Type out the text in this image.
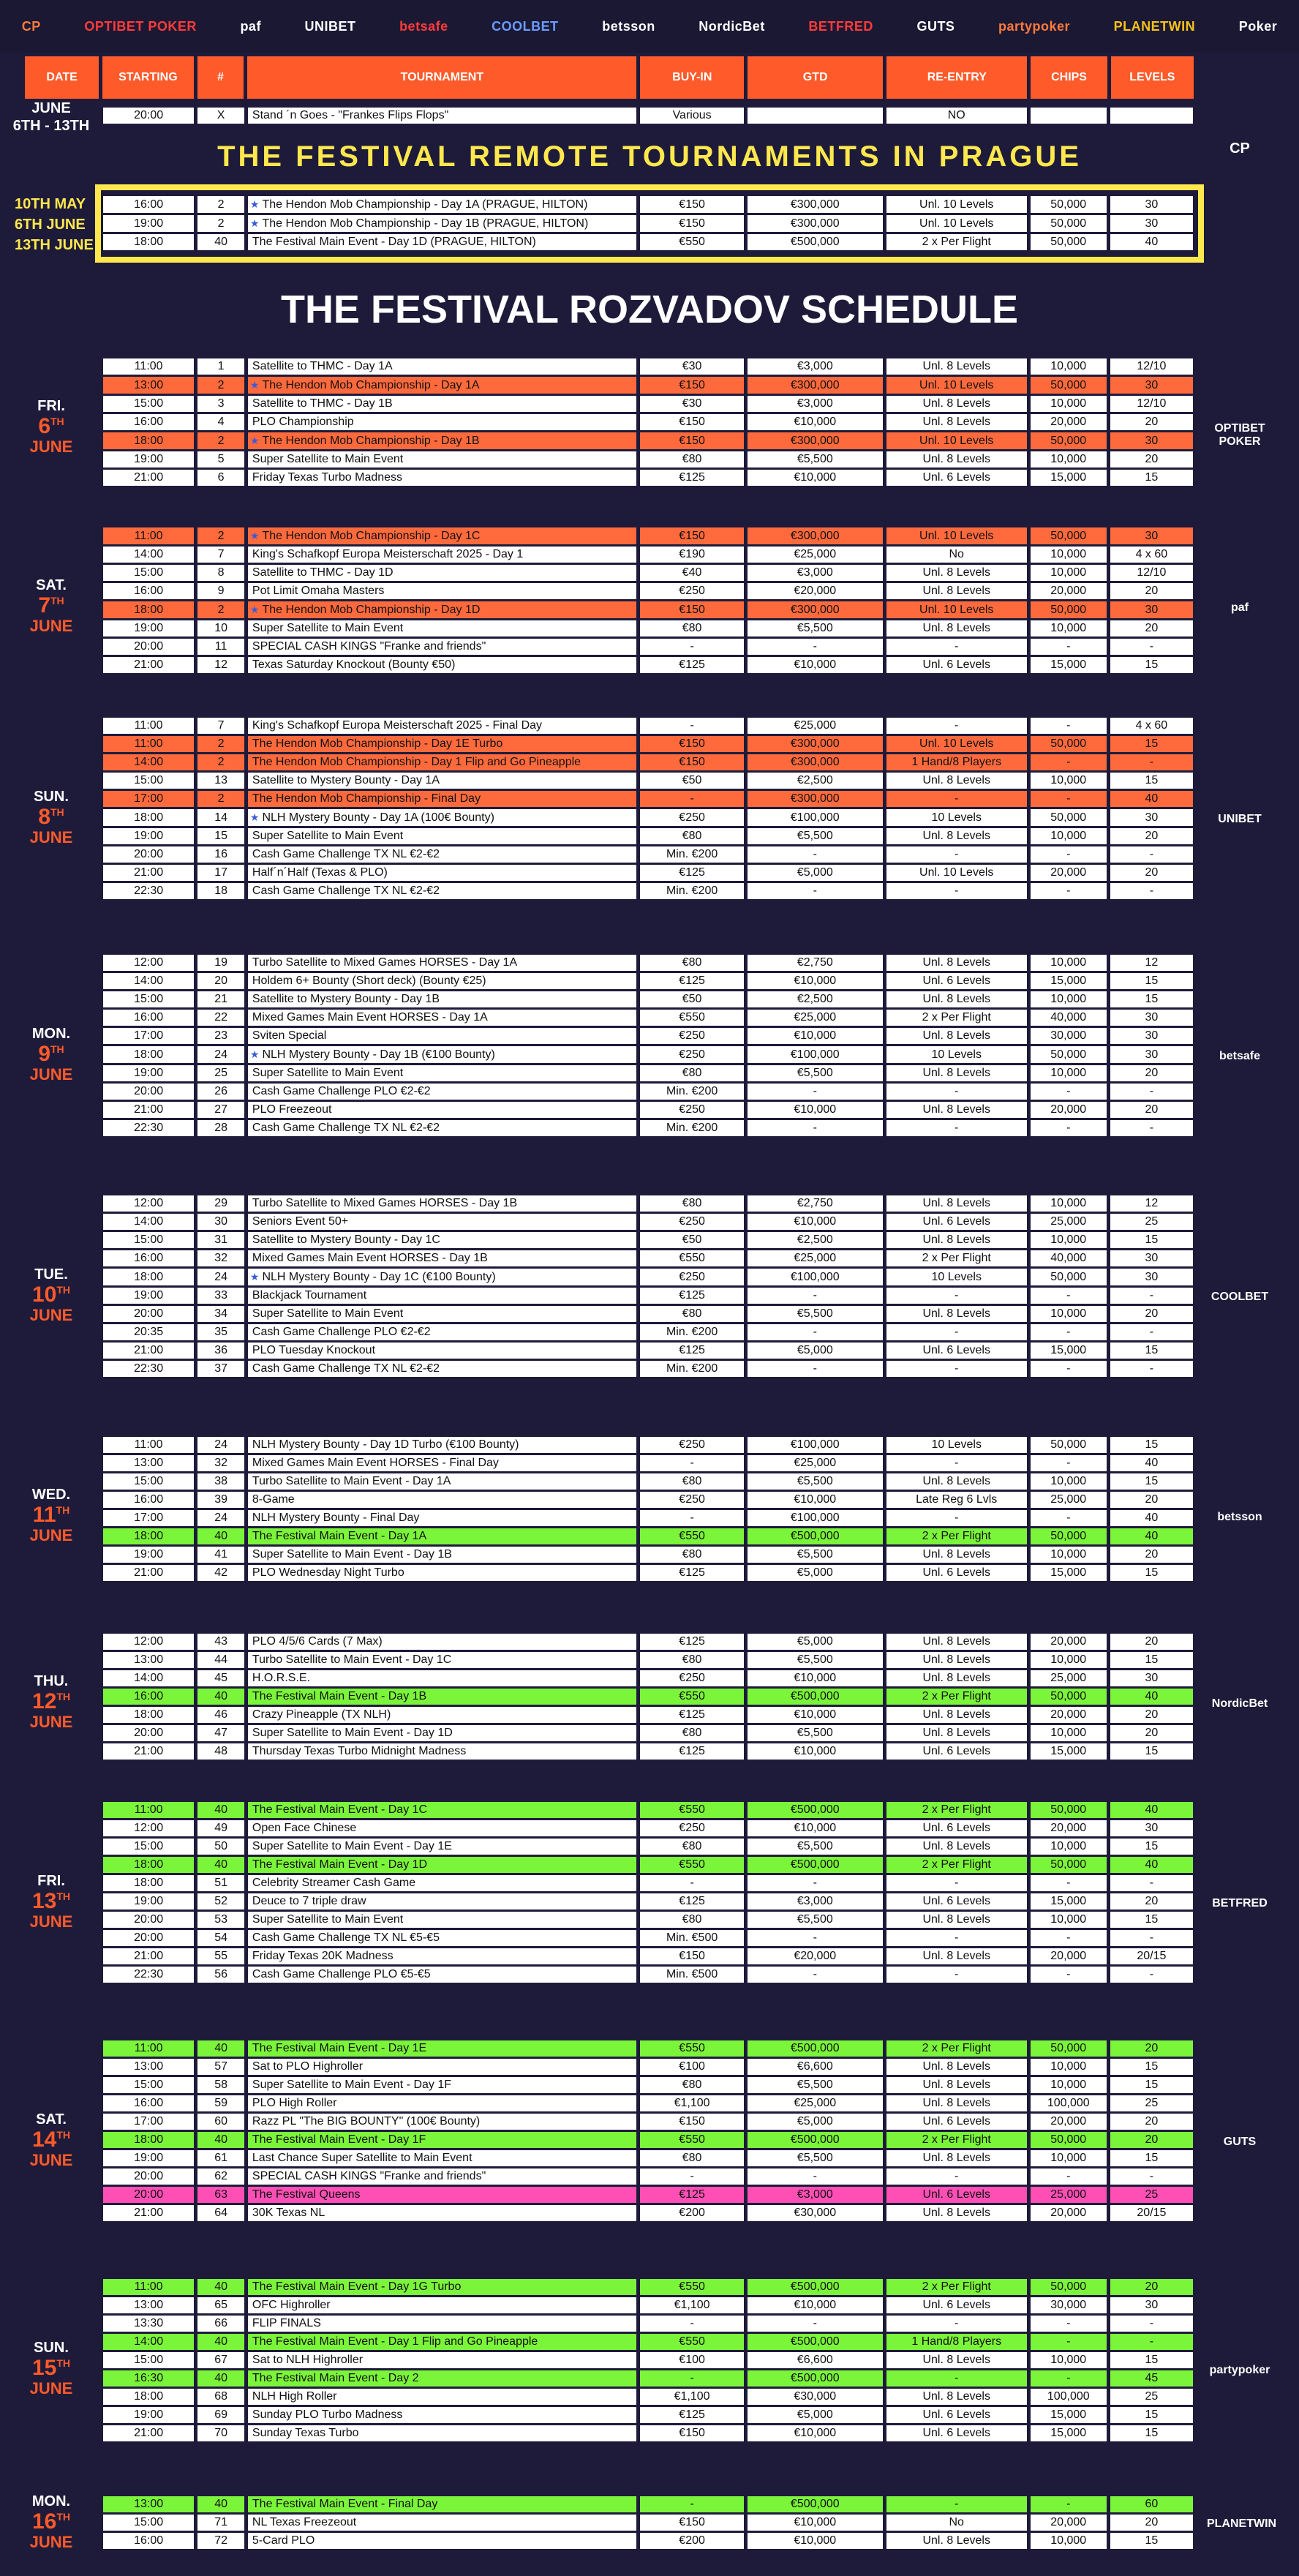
CP	OPTIBET POKER	paf	UNIBET	betsafe	COOLBET	betsson	NordicBet	BETFRED	GUTS	partypoker	PLANETWIN	Poker
DATE	STARTING	#	TOURNAMENT	BUY-IN	GTD	RE-ENTRY	CHIPS	LEVELS
JUNE
6TH - 13TH
THE FESTIVAL REMOTE TOURNAMENTS IN PRAGUE	CP
10TH MAY
6TH JUNE
13TH JUNE
THE FESTIVAL ROZVADOV SCHEDULE
20:00	X	Stand ´n Goes - "Frankes Flips Flops"	Various		NO		
16:00	2	★ The Hendon Mob Championship - Day 1A (PRAGUE, HILTON)	€150	€300,000	Unl. 10 Levels	50,000	30
19:00	2	★ The Hendon Mob Championship - Day 1B (PRAGUE, HILTON)	€150	€300,000	Unl. 10 Levels	50,000	30
18:00	40	The Festival Main Event - Day 1D (PRAGUE, HILTON)	€550	€500,000	2 x Per Flight	50,000	40
11:00	1	Satellite to THMC - Day 1A	€30	€3,000	Unl. 8 Levels	10,000	12/10
13:00	2	★ The Hendon Mob Championship - Day 1A	€150	€300,000	Unl. 10 Levels	50,000	30
15:00	3	Satellite to THMC - Day 1B	€30	€3,000	Unl. 8 Levels	10,000	12/10
16:00	4	PLO Championship	€150	€10,000	Unl. 8 Levels	20,000	20
18:00	2	★ The Hendon Mob Championship - Day 1B	€150	€300,000	Unl. 10 Levels	50,000	30
19:00	5	Super Satellite to Main Event	€80	€5,500	Unl. 8 Levels	10,000	20
21:00	6	Friday Texas Turbo Madness	€125	€10,000	Unl. 6 Levels	15,000	15
FRI.
6TH
JUNE
OPTIBET POKER
11:00	2	★ The Hendon Mob Championship - Day 1C	€150	€300,000	Unl. 10 Levels	50,000	30
14:00	7	King's Schafkopf Europa Meisterschaft 2025 - Day 1	€190	€25,000	No	10,000	4 x 60
15:00	8	Satellite to THMC - Day 1D	€40	€3,000	Unl. 8 Levels	10,000	12/10
16:00	9	Pot Limit Omaha Masters	€250	€20,000	Unl. 8 Levels	20,000	20
18:00	2	★ The Hendon Mob Championship - Day 1D	€150	€300,000	Unl. 10 Levels	50,000	30
19:00	10	Super Satellite to Main Event	€80	€5,500	Unl. 8 Levels	10,000	20
20:00	11	SPECIAL CASH KINGS "Franke and friends"	-	-	-	-	-
21:00	12	Texas Saturday Knockout (Bounty €50)	€125	€10,000	Unl. 6 Levels	15,000	15
SAT.
7TH
JUNE
paf
11:00	7	King's Schafkopf Europa Meisterschaft 2025 - Final Day	-	€25,000	-	-	4 x 60
11:00	2	The Hendon Mob Championship - Day 1E Turbo	€150	€300,000	Unl. 10 Levels	50,000	15
14:00	2	The Hendon Mob Championship - Day 1 Flip and Go Pineapple	€150	€300,000	1 Hand/8 Players	-	-
15:00	13	Satellite to Mystery Bounty - Day 1A	€50	€2,500	Unl. 8 Levels	10,000	15
17:00	2	The Hendon Mob Championship - Final Day	-	€300,000	-	-	40
18:00	14	★ NLH Mystery Bounty - Day 1A (100€ Bounty)	€250	€100,000	10 Levels	50,000	30
19:00	15	Super Satellite to Main Event	€80	€5,500	Unl. 8 Levels	10,000	20
20:00	16	Cash Game Challenge TX NL €2-€2	Min. €200	-	-	-	-
21:00	17	Half´n´Half (Texas & PLO)	€125	€5,000	Unl. 10 Levels	20,000	20
22:30	18	Cash Game Challenge TX NL €2-€2	Min. €200	-	-	-	-
SUN.
8TH
JUNE
UNIBET
12:00	19	Turbo Satellite to Mixed Games HORSES - Day 1A	€80	€2,750	Unl. 8 Levels	10,000	12
14:00	20	Holdem 6+ Bounty (Short deck) (Bounty €25)	€125	€10,000	Unl. 6 Levels	15,000	15
15:00	21	Satellite to Mystery Bounty - Day 1B	€50	€2,500	Unl. 8 Levels	10,000	15
16:00	22	Mixed Games Main Event HORSES - Day 1A	€550	€25,000	2 x Per Flight	40,000	30
17:00	23	Sviten Special	€250	€10,000	Unl. 8 Levels	30,000	30
18:00	24	★ NLH Mystery Bounty - Day 1B (€100 Bounty)	€250	€100,000	10 Levels	50,000	30
19:00	25	Super Satellite to Main Event	€80	€5,500	Unl. 8 Levels	10,000	20
20:00	26	Cash Game Challenge PLO €2-€2	Min. €200	-	-	-	-
21:00	27	PLO Freezeout	€250	€10,000	Unl. 8 Levels	20,000	20
22:30	28	Cash Game Challenge TX NL €2-€2	Min. €200	-	-	-	-
MON.
9TH
JUNE
betsafe
12:00	29	Turbo Satellite to Mixed Games HORSES - Day 1B	€80	€2,750	Unl. 8 Levels	10,000	12
14:00	30	Seniors Event 50+	€250	€10,000	Unl. 6 Levels	25,000	25
15:00	31	Satellite to Mystery Bounty - Day 1C	€50	€2,500	Unl. 8 Levels	10,000	15
16:00	32	Mixed Games Main Event HORSES - Day 1B	€550	€25,000	2 x Per Flight	40,000	30
18:00	24	★ NLH Mystery Bounty - Day 1C (€100 Bounty)	€250	€100,000	10 Levels	50,000	30
19:00	33	Blackjack Tournament	€125	-	-	-	-
20:00	34	Super Satellite to Main Event	€80	€5,500	Unl. 8 Levels	10,000	20
20:35	35	Cash Game Challenge PLO €2-€2	Min. €200	-	-	-	-
21:00	36	PLO Tuesday Knockout	€125	€5,000	Unl. 6 Levels	15,000	15
22:30	37	Cash Game Challenge TX NL €2-€2	Min. €200	-	-	-	-
TUE.
10TH
JUNE
COOLBET
11:00	24	NLH Mystery Bounty - Day 1D Turbo (€100 Bounty)	€250	€100,000	10 Levels	50,000	15
13:00	32	Mixed Games Main Event HORSES - Final Day	-	€25,000	-	-	40
15:00	38	Turbo Satellite to Main Event - Day 1A	€80	€5,500	Unl. 8 Levels	10,000	15
16:00	39	8-Game	€250	€10,000	Late Reg 6 Lvls	25,000	20
17:00	24	NLH Mystery Bounty - Final Day	-	€100,000	-	-	40
18:00	40	The Festival Main Event - Day 1A	€550	€500,000	2 x Per Flight	50,000	40
19:00	41	Super Satellite to Main Event - Day 1B	€80	€5,500	Unl. 8 Levels	10,000	20
21:00	42	PLO Wednesday Night Turbo	€125	€5,000	Unl. 6 Levels	15,000	15
WED.
11TH
JUNE
betsson
12:00	43	PLO 4/5/6 Cards (7 Max)	€125	€5,000	Unl. 8 Levels	20,000	20
13:00	44	Turbo Satellite to Main Event - Day 1C	€80	€5,500	Unl. 8 Levels	10,000	15
14:00	45	H.O.R.S.E.	€250	€10,000	Unl. 8 Levels	25,000	30
16:00	40	The Festival Main Event - Day 1B	€550	€500,000	2 x Per Flight	50,000	40
18:00	46	Crazy Pineapple (TX NLH)	€125	€10,000	Unl. 8 Levels	20,000	20
20:00	47	Super Satellite to Main Event - Day 1D	€80	€5,500	Unl. 8 Levels	10,000	20
21:00	48	Thursday Texas Turbo Midnight Madness	€125	€10,000	Unl. 6 Levels	15,000	15
THU.
12TH
JUNE
NordicBet
11:00	40	The Festival Main Event - Day 1C	€550	€500,000	2 x Per Flight	50,000	40
12:00	49	Open Face Chinese	€250	€10,000	Unl. 6 Levels	20,000	30
15:00	50	Super Satellite to Main Event - Day 1E	€80	€5,500	Unl. 8 Levels	10,000	15
18:00	40	The Festival Main Event - Day 1D	€550	€500,000	2 x Per Flight	50,000	40
18:00	51	Celebrity Streamer Cash Game	-	-	-	-	-
19:00	52	Deuce to 7 triple draw	€125	€3,000	Unl. 6 Levels	15,000	20
20:00	53	Super Satellite to Main Event	€80	€5,500	Unl. 8 Levels	10,000	15
20:00	54	Cash Game Challenge TX NL €5-€5	Min. €500	-	-	-	-
21:00	55	Friday Texas 20K Madness	€150	€20,000	Unl. 8 Levels	20,000	20/15
22:30	56	Cash Game Challenge PLO €5-€5	Min. €500	-	-	-	-
FRI.
13TH
JUNE
BETFRED
11:00	40	The Festival Main Event - Day 1E	€550	€500,000	2 x Per Flight	50,000	20
13:00	57	Sat to PLO Highroller	€100	€6,600	Unl. 8 Levels	10,000	15
15:00	58	Super Satellite to Main Event - Day 1F	€80	€5,500	Unl. 8 Levels	10,000	15
16:00	59	PLO High Roller	€1,100	€25,000	Unl. 8 Levels	100,000	25
17:00	60	Razz PL "The BIG BOUNTY" (100€ Bounty)	€150	€5,000	Unl. 6 Levels	20,000	20
18:00	40	The Festival Main Event - Day 1F	€550	€500,000	2 x Per Flight	50,000	20
19:00	61	Last Chance Super Satellite to Main Event	€80	€5,500	Unl. 8 Levels	10,000	15
20:00	62	SPECIAL CASH KINGS "Franke and friends"	-	-	-	-	-
20:00	63	The Festival Queens	€125	€3,000	Unl. 6 Levels	25,000	25
21:00	64	30K Texas NL	€200	€30,000	Unl. 8 Levels	20,000	20/15
SAT.
14TH
JUNE
GUTS
11:00	40	The Festival Main Event - Day 1G Turbo	€550	€500,000	2 x Per Flight	50,000	20
13:00	65	OFC Highroller	€1,100	€10,000	Unl. 6 Levels	30,000	30
13:30	66	FLIP FINALS	-	-	-	-	-
14:00	40	The Festival Main Event - Day 1 Flip and Go Pineapple	€550	€500,000	1 Hand/8 Players	-	-
15:00	67	Sat to NLH Highroller	€100	€6,600	Unl. 8 Levels	10,000	15
16:30	40	The Festival Main Event - Day 2	-	€500,000	-	-	45
18:00	68	NLH High Roller	€1,100	€30,000	Unl. 8 Levels	100,000	25
19:00	69	Sunday PLO Turbo Madness	€125	€5,000	Unl. 6 Levels	15,000	15
21:00	70	Sunday Texas Turbo	€150	€10,000	Unl. 6 Levels	15,000	15
SUN.
15TH
JUNE
partypoker
13:00	40	The Festival Main Event - Final Day	-	€500,000	-	-	60
15:00	71	NL Texas Freezeout	€150	€10,000	No	20,000	20
16:00	72	5-Card PLO	€200	€10,000	Unl. 8 Levels	10,000	15
MON.
16TH
JUNE
PLANETWIN
